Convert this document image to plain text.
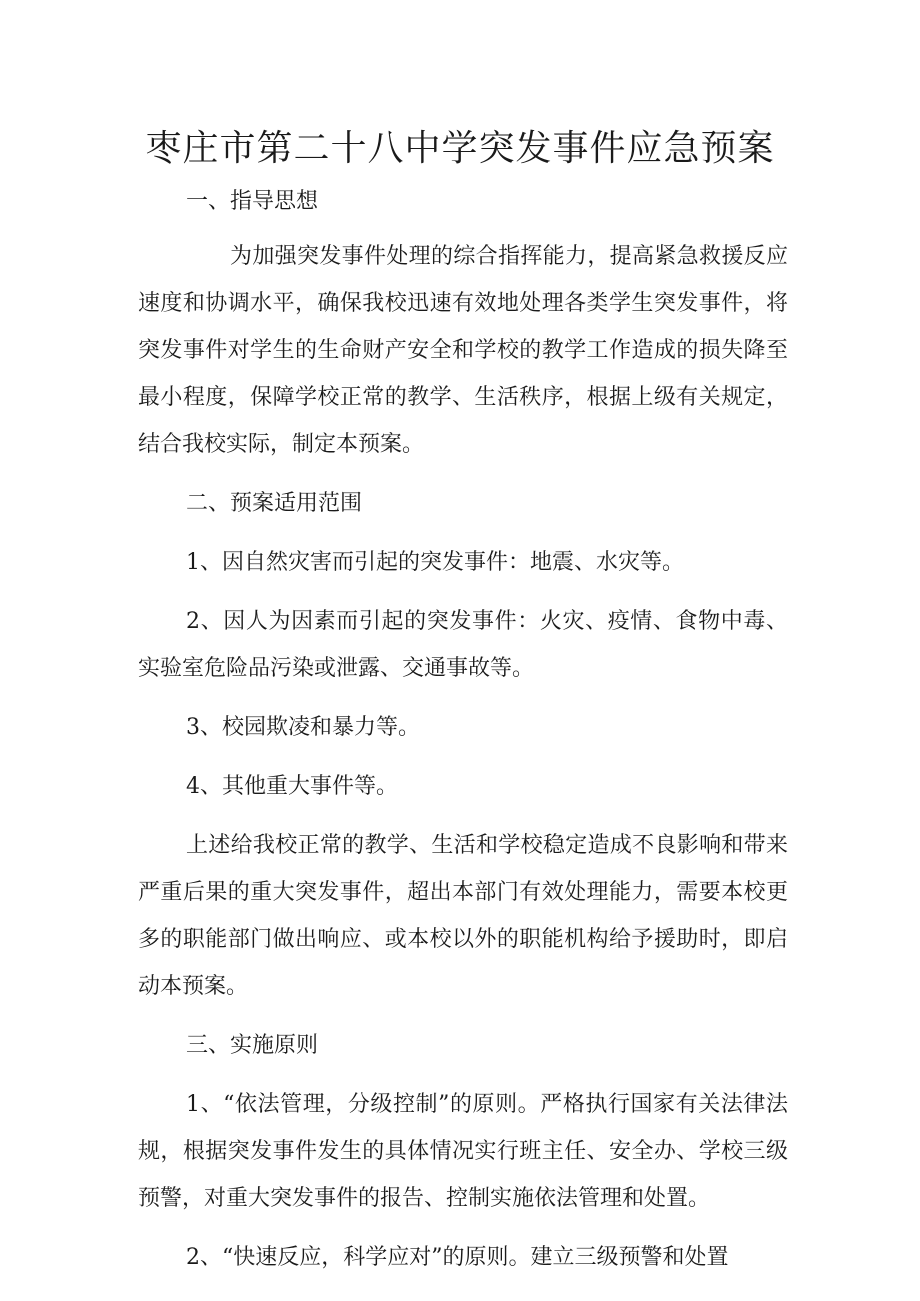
枣庄市第二十八中学突发事件应急预案

一、指导思想

为加强突发事件处理的综合指挥能力，提高紧急救援反应速度和协调水平，确保我校迅速有效地处理各类学生突发事件，将突发事件对学生的生命财产安全和学校的教学工作造成的损失降至最小程度，保障学校正常的教学、生活秩序，根据上级有关规定，结合我校实际，制定本预案。

二、预案适用范围

1、因自然灾害而引起的突发事件：地震、水灾等。

2、因人为因素而引起的突发事件：火灾、疫情、食物中毒、实验室危险品污染或泄露、交通事故等。

3、校园欺凌和暴力等。

4、其他重大事件等。

上述给我校正常的教学、生活和学校稳定造成不良影响和带来严重后果的重大突发事件，超出本部门有效处理能力，需要本校更多的职能部门做出响应、或本校以外的职能机构给予援助时，即启动本预案。

三、实施原则

1、“依法管理，分级控制”的原则。严格执行国家有关法律法规，根据突发事件发生的具体情况实行班主任、安全办、学校三级预警，对重大突发事件的报告、控制实施依法管理和处置。

2、“快速反应，科学应对”的原则。建立三级预警和处置
